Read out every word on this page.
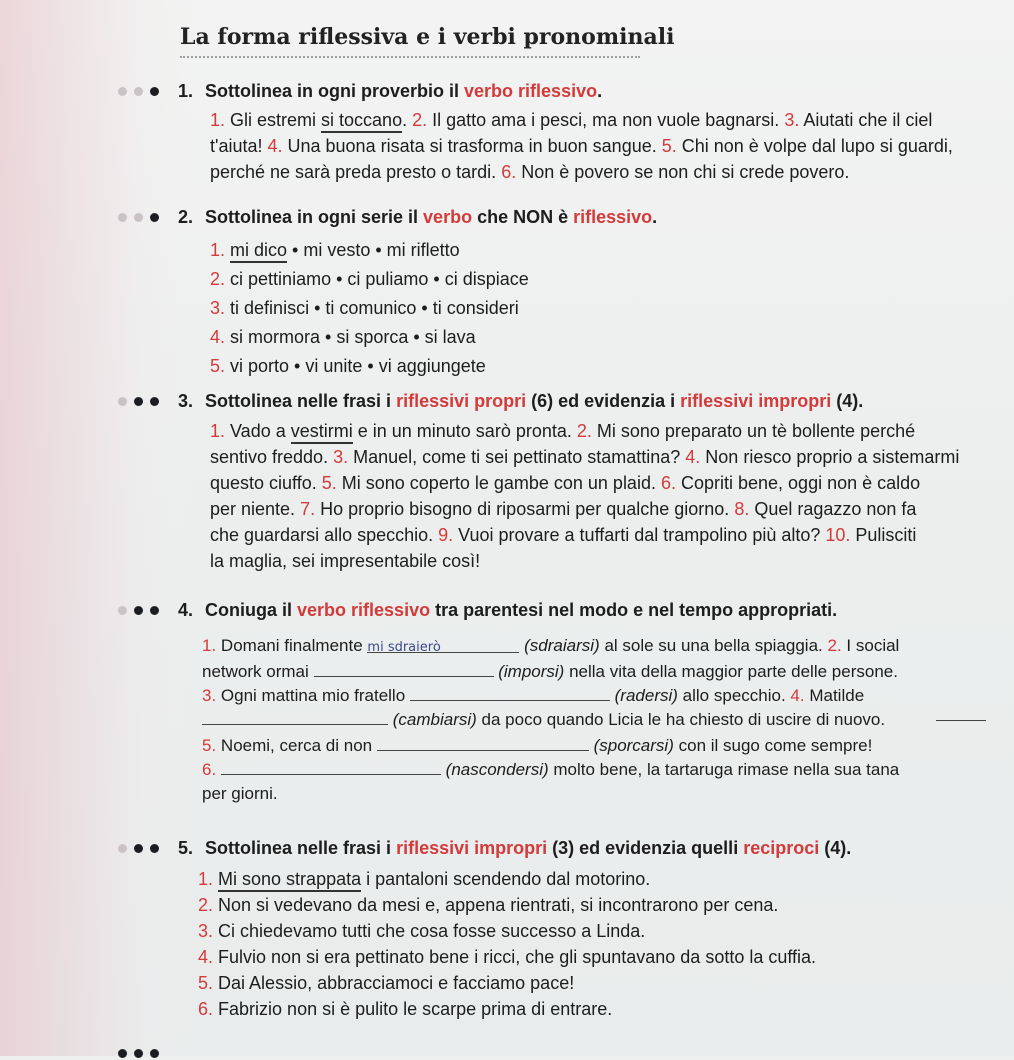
La forma riflessiva e i verbi pronominali
1. Sottolinea in ogni proverbio il verbo riflessivo.
1. Gli estremi si toccano. 2. Il gatto ama i pesci, ma non vuole bagnarsi. 3. Aiutati che il ciel
t'aiuta! 4. Una buona risata si trasforma in buon sangue. 5. Chi non è volpe dal lupo si guardi,
perché ne sarà preda presto o tardi. 6. Non è povero se non chi si crede povero.
2. Sottolinea in ogni serie il verbo che NON è riflessivo.
1. mi dico • mi vesto • mi rifletto
2. ci pettiniamo • ci puliamo • ci dispiace
3. ti definisci • ti comunico • ti consideri
4. si mormora • si sporca • si lava
5. vi porto • vi unite • vi aggiungete
3. Sottolinea nelle frasi i riflessivi propri (6) ed evidenzia i riflessivi impropri (4).
1. Vado a vestirmi e in un minuto sarò pronta. 2. Mi sono preparato un tè bollente perché
sentivo freddo. 3. Manuel, come ti sei pettinato stamattina? 4. Non riesco proprio a sistemarmi
questo ciuffo. 5. Mi sono coperto le gambe con un plaid. 6. Copriti bene, oggi non è caldo
per niente. 7. Ho proprio bisogno di riposarmi per qualche giorno. 8. Quel ragazzo non fa
che guardarsi allo specchio. 9. Vuoi provare a tuffarti dal trampolino più alto? 10. Pulisciti
la maglia, sei impresentabile così!
4. Coniuga il verbo riflessivo tra parentesi nel modo e nel tempo appropriati.
1. Domani finalmente mi sdraierò	(sdraiarsi) al sole su una bella spiaggia. 2. I social
network ormai	(imporsi) nella vita della maggior parte delle persone.
3. Ogni mattina mio fratello	(radersi) allo specchio. 4. Matilde
(cambiarsi) da poco quando Licia le ha chiesto di uscire di nuovo.
5. Noemi, cerca di non	(sporcarsi) con il sugo come sempre!
6.	(nascondersi) molto bene, la tartaruga rimase nella sua tana
per giorni.
5. Sottolinea nelle frasi i riflessivi impropri (3) ed evidenzia quelli reciproci (4).
1. Mi sono strappata i pantaloni scendendo dal motorino.
2. Non si vedevano da mesi e, appena rientrati, si incontrarono per cena.
3. Ci chiedevamo tutti che cosa fosse successo a Linda.
4. Fulvio non si era pettinato bene i ricci, che gli spuntavano da sotto la cuffia.
5. Dai Alessio, abbracciamoci e facciamo pace!
6. Fabrizio non si è pulito le scarpe prima di entrare.
